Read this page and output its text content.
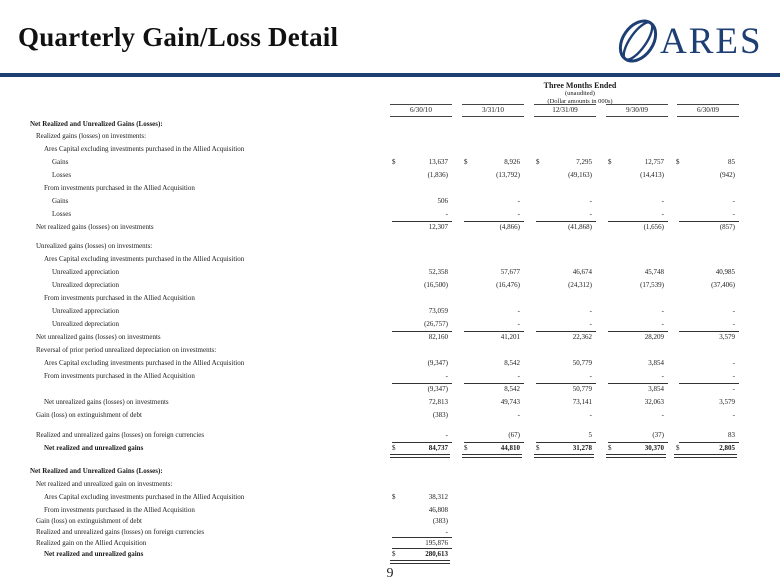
Quarterly Gain/Loss Detail	ARES
Three Months Ended
(unaudited)
(Dollar amounts in 000s)
6/30/10	3/31/10	12/31/09	9/30/09	6/30/09
Net Realized and Unrealized Gains (Losses):
Realized gains (losses) on investments:
Ares Capital excluding investments purchased in the Allied Acquisition
Gains	$	13,637 $	8,926 $	7,295 $	12,757 $	85
Losses	(1,836)	(13,792)	(49,163)	(14,413)	(942)
From investments purchased in the Allied Acquisition
Gains	506	-	-	-	-
Losses	-	-	-	-	-
Net realized gains (losses) on investments	12,307	(4,866)	(41,868)	(1,656)	(857)
Unrealized gains (losses) on investments:
Ares Capital excluding investments purchased in the Allied Acquisition
Unrealized appreciation	52,358	57,677	46,674	45,748	40,985
Unrealized depreciation	(16,500)	(16,476)	(24,312)	(17,539)	(37,406)
From investments purchased in the Allied Acquisition
Unrealized appreciation	73,059	-	-	-	-
Unrealized depreciation	(26,757)	-	-	-	-
Net unrealized gains (losses) on investments	82,160	41,201	22,362	28,209	3,579
Reversal of prior period unrealized depreciation on investments:
Ares Capital excluding investments purchased in the Allied Acquisition	(9,347)	8,542	50,779	3,854	-
From investments purchased in the Allied Acquisition	-	-	-	-	-
(9,347)	8,542	50,779	3,854	-
Net unrealized gains (losses) on investments	72,813	49,743	73,141	32,063	3,579
Gain (loss) on extinguishment of debt	(383)	-	-	-	-
Realized and unrealized gains (losses) on foreign currencies	-	(67)	5	(37)	83
Net realized and unrealized gains	$	84,737 $	44,810 $	31,278 $	30,370 $	2,805
Net Realized and Unrealized Gains (Losses):
Net realized and unrealized gain on investments:
Ares Capital excluding investments purchased in the Allied Acquisition	$	38,312
From investments purchased in the Allied Acquisition	46,808
Gain (loss) on extinguishment of debt	(383)
Realized and unrealized gains (losses) on foreign currencies	-
Realized gain on the Allied Acquisition	195,876
Net realized and unrealized gains	$	280,613
9
